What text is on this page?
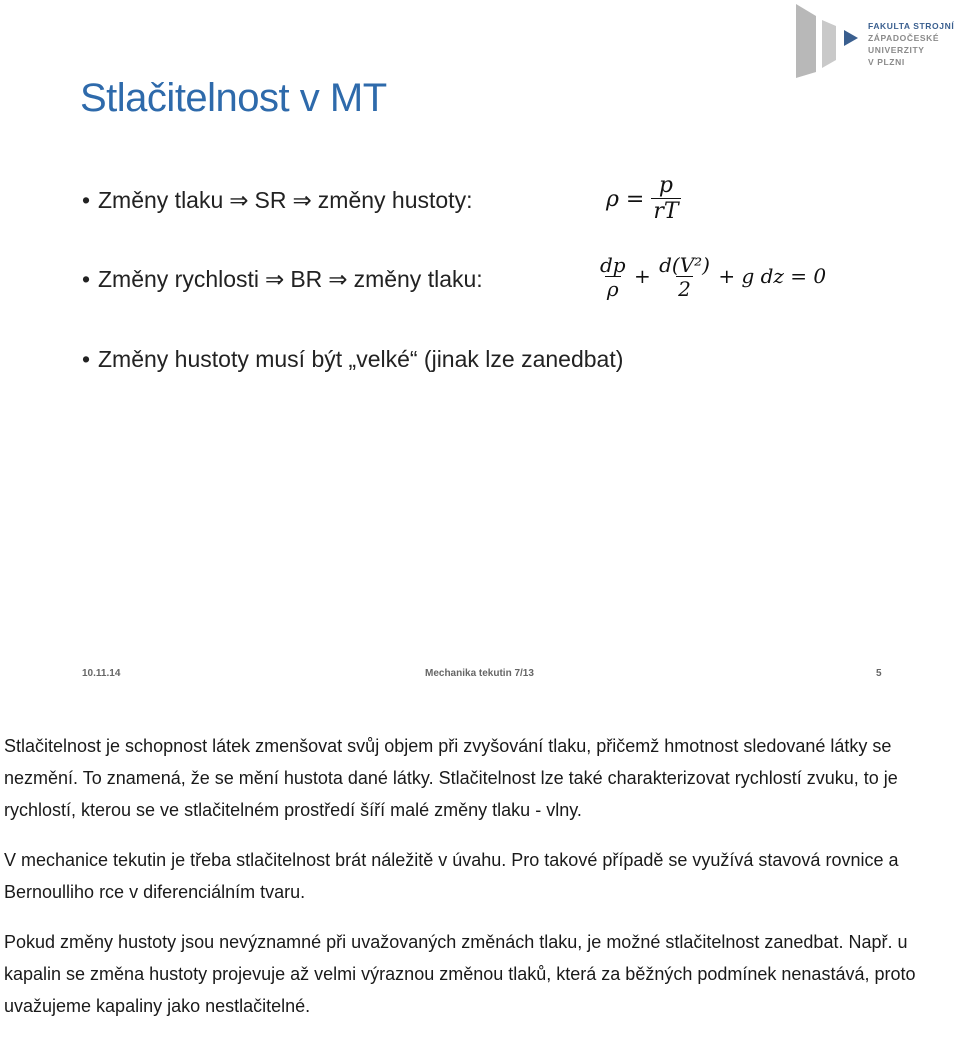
FAKULTA STROJNÍ
ZÁPADOČESKÉ
UNIVERZITY
V PLZNI
Stlačitelnost v MT
• Změny tlaku ⇒ SR ⇒ změny hustoty:
• Změny rychlosti ⇒ BR ⇒ změny tlaku:
• Změny hustoty musí být „velké“ (jinak lze zanedbat)
$\rho = \frac{p}{rT}$
$\frac{dp}{\rho} + \frac{\text{d(V²)}}{2} + g$ dz = 0
10.11.14	Mechanika tekutin 7/13	5

Stlačitelnost je schopnost látek zmenšovat svůj objem při zvyšování tlaku, přičemž hmotnost sledované látky se nezmění. To znamená, že se mění hustota dané látky. Stlačitelnost lze také charakterizovat rychlostí zvuku, to je rychlostí, kterou se ve stlačitelném prostředí šíří malé změny tlaku - vlny.

V mechanice tekutin je třeba stlačitelnost brát náležitě v úvahu. Pro takové případě se využívá stavová rovnice a Bernoulliho rce v diferenciálním tvaru.

Pokud změny hustoty jsou nevýznamné při uvažovaných změnách tlaku, je možné stlačitelnost zanedbat. Např. u kapalin se změna hustoty projevuje až velmi výraznou změnou tlaků, která za běžných podmínek nenastává, proto uvažujeme kapaliny jako nestlačitelné.
